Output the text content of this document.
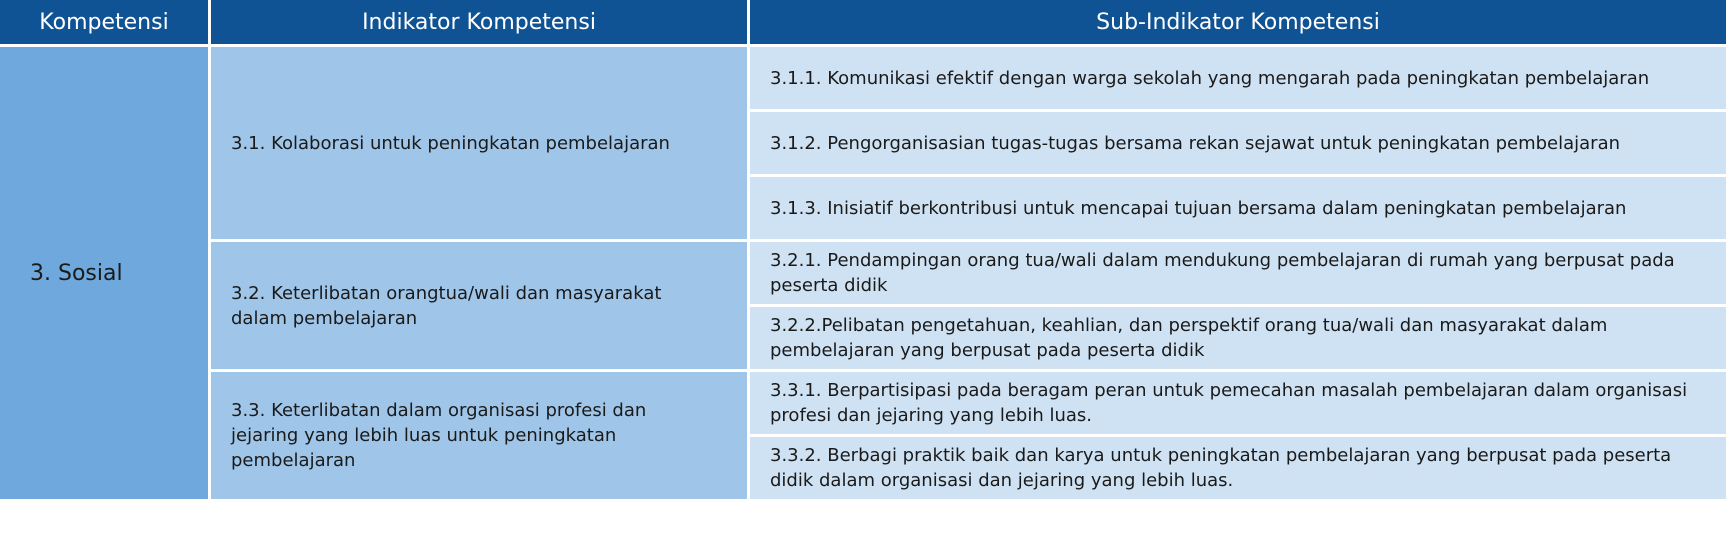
Kompetensi	Indikator Kompetensi	Sub-Indikator Kompetensi
3. Sosial	3.1. Kolaborasi untuk peningkatan pembelajaran	3.1.1. Komunikasi efektif dengan warga sekolah yang mengarah pada peningkatan pembelajaran
		3.1.2. Pengorganisasian tugas-tugas bersama rekan sejawat untuk peningkatan pembelajaran
		3.1.3. Inisiatif berkontribusi untuk mencapai tujuan bersama dalam peningkatan pembelajaran
	3.2. Keterlibatan orangtua/wali dan masyarakat dalam pembelajaran	3.2.1. Pendampingan orang tua/wali dalam mendukung pembelajaran di rumah yang berpusat pada peserta didik
		3.2.2.Pelibatan pengetahuan, keahlian, dan perspektif orang tua/wali dan masyarakat dalam pembelajaran yang berpusat pada peserta didik
	3.3. Keterlibatan dalam organisasi profesi dan jejaring yang lebih luas untuk peningkatan pembelajaran	3.3.1. Berpartisipasi pada beragam peran untuk pemecahan masalah pembelajaran dalam organisasi profesi dan jejaring yang lebih luas.
		3.3.2. Berbagi praktik baik dan karya untuk peningkatan pembelajaran yang berpusat pada peserta didik dalam organisasi dan jejaring yang lebih luas.
